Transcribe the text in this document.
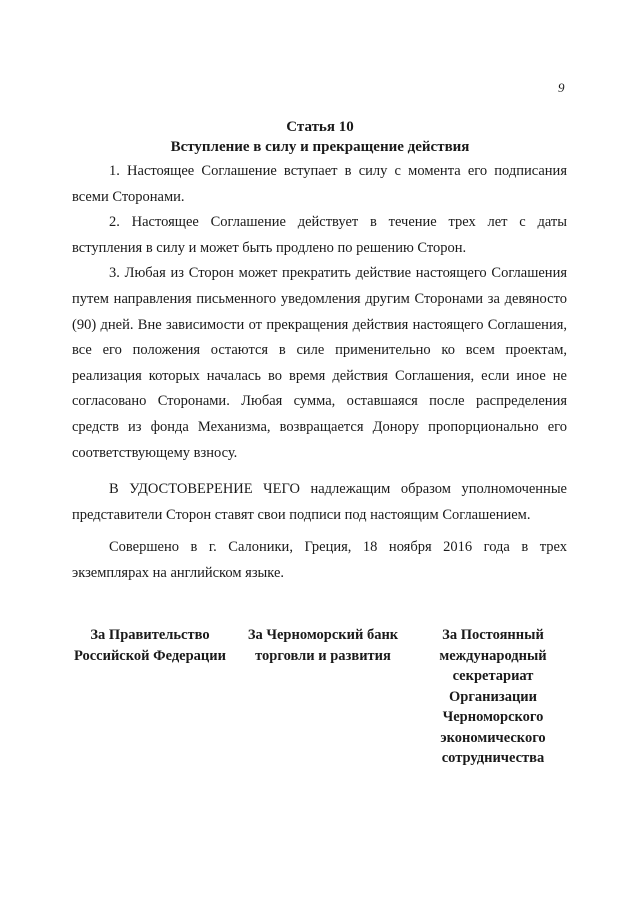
9
Статья 10
Вступление в силу и прекращение действия

1. Настоящее Соглашение вступает в силу с момента его подписания всеми Сторонами.

2. Настоящее Соглашение действует в течение трех лет с даты вступления в силу и может быть продлено по решению Сторон.

3. Любая из Сторон может прекратить действие настоящего Соглашения путем направления письменного уведомления другим Сторонами за девяносто (90) дней. Вне зависимости от прекращения действия настоящего Соглашения, все его положения остаются в силе применительно ко всем проектам, реализация которых началась во время действия Соглашения, если иное не согласовано Сторонами. Любая сумма, оставшаяся после распределения средств из фонда Механизма, возвращается Донору пропорционально его соответствующему взносу.

В УДОСТОВЕРЕНИЕ ЧЕГО надлежащим образом уполномоченные представители Сторон ставят свои подписи под настоящим Соглашением.

Совершено в г. Салоники, Греция, 18 ноября 2016 года в трех экземплярах на английском языке.

За Правительство
Российской Федерации
За Черноморский банк
торговли и развития
За Постоянный
международный
секретариат
Организации
Черноморского
экономического
сотрудничества
